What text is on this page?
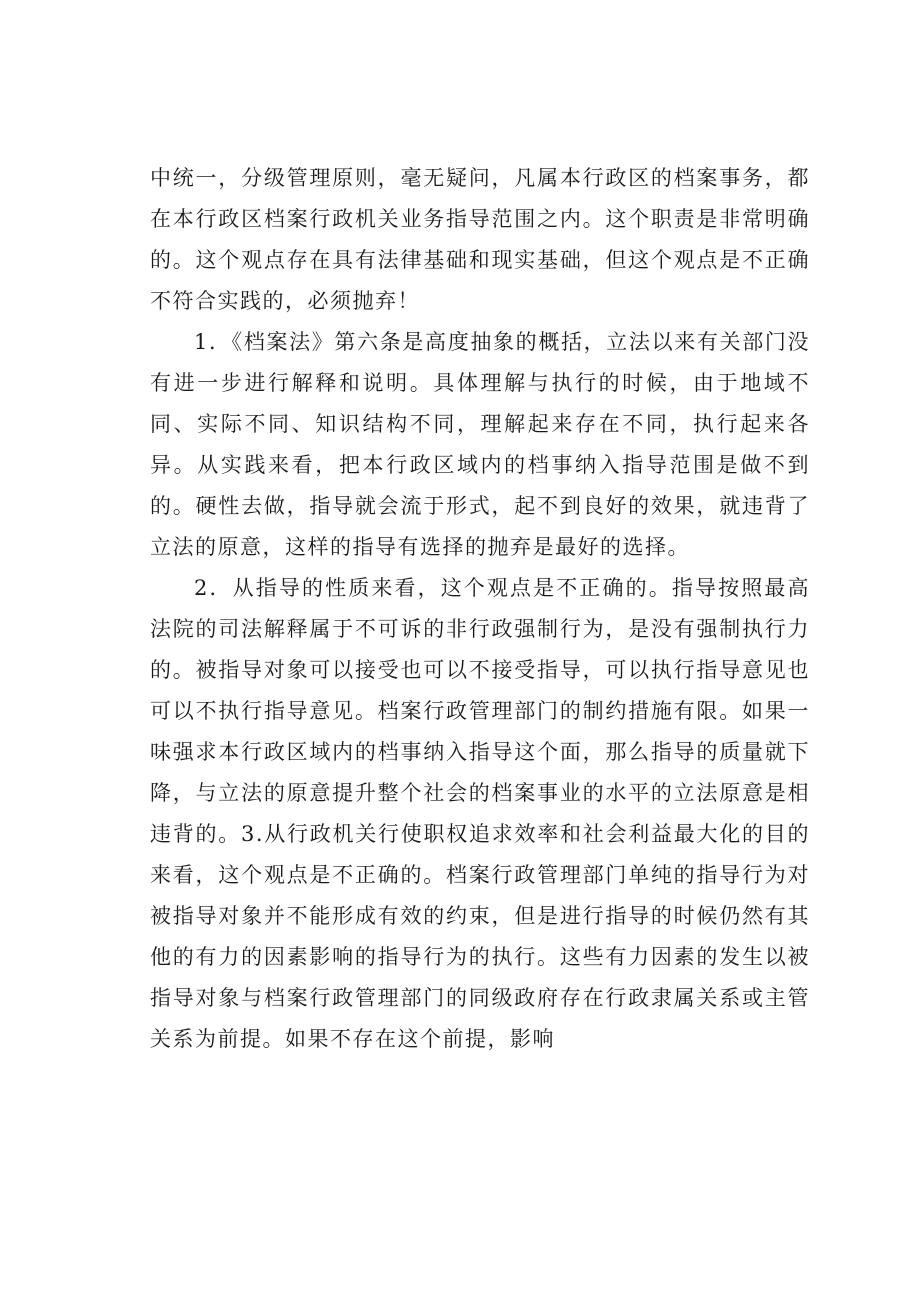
中统一，分级管理原则，毫无疑问，凡属本行政区的档案事务，都在本行政区档案行政机关业务指导范围之内。这个职责是非常明确的。这个观点存在具有法律基础和现实基础，但这个观点是不正确不符合实践的，必须抛弃！

1．《档案法》第六条是高度抽象的概括，立法以来有关部门没有进一步进行解释和说明。具体理解与执行的时候，由于地域不同、实际不同、知识结构不同，理解起来存在不同，执行起来各异。从实践来看，把本行政区域内的档事纳入指导范围是做不到的。硬性去做，指导就会流于形式，起不到良好的效果，就违背了立法的原意，这样的指导有选择的抛弃是最好的选择。

2．从指导的性质来看，这个观点是不正确的。指导按照最高法院的司法解释属于不可诉的非行政强制行为，是没有强制执行力的。被指导对象可以接受也可以不接受指导，可以执行指导意见也可以不执行指导意见。档案行政管理部门的制约措施有限。如果一味强求本行政区域内的档事纳入指导这个面，那么指导的质量就下降，与立法的原意提升整个社会的档案事业的水平的立法原意是相违背的。3.从行政机关行使职权追求效率和社会利益最大化的目的来看，这个观点是不正确的。档案行政管理部门单纯的指导行为对被指导对象并不能形成有效的约束，但是进行指导的时候仍然有其他的有力的因素影响的指导行为的执行。这些有力因素的发生以被指导对象与档案行政管理部门的同级政府存在行政隶属关系或主管关系为前提。如果不存在这个前提，影响
